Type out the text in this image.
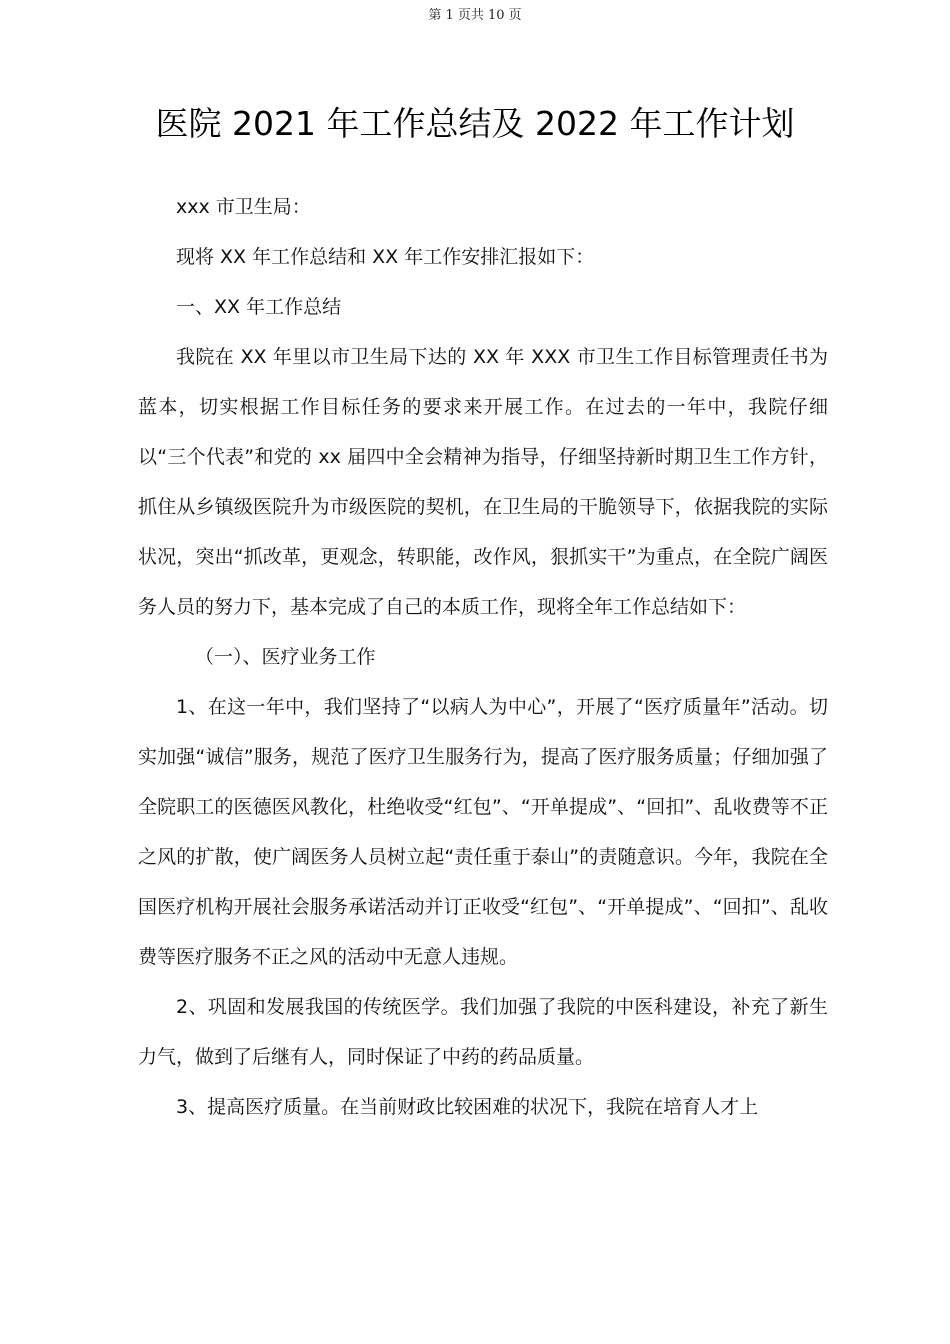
第 1 页共 10 页
医院 2021 年工作总结及 2022 年工作计划

xxx 市卫生局：

现将 XX 年工作总结和 XX 年工作安排汇报如下：

一、XX 年工作总结

我院在 XX 年里以市卫生局下达的 XX 年 XXX 市卫生工作目标管理责任书为蓝本，切实根据工作目标任务的要求来开展工作。在过去的一年中，我院仔细以“三个代表”和党的 xx 届四中全会精神为指导，仔细坚持新时期卫生工作方针，抓住从乡镇级医院升为市级医院的契机，在卫生局的干脆领导下，依据我院的实际状况，突出“抓改革，更观念，转职能，改作风，狠抓实干”为重点，在全院广阔医务人员的努力下，基本完成了自己的本质工作，现将全年工作总结如下：

（一）、医疗业务工作

1、在这一年中，我们坚持了“以病人为中心”，开展了“医疗质量年”活动。切实加强“诚信”服务，规范了医疗卫生服务行为，提高了医疗服务质量；仔细加强了全院职工的医德医风教化，杜绝收受“红包”、“开单提成”、“回扣”、乱收费等不正之风的扩散，使广阔医务人员树立起“责任重于泰山”的责随意识。今年，我院在全国医疗机构开展社会服务承诺活动并订正收受“红包”、“开单提成”、“回扣”、乱收费等医疗服务不正之风的活动中无意人违规。

2、巩固和发展我国的传统医学。我们加强了我院的中医科建设，补充了新生力气，做到了后继有人，同时保证了中药的药品质量。

3、提高医疗质量。在当前财政比较困难的状况下，我院在培育人才上
